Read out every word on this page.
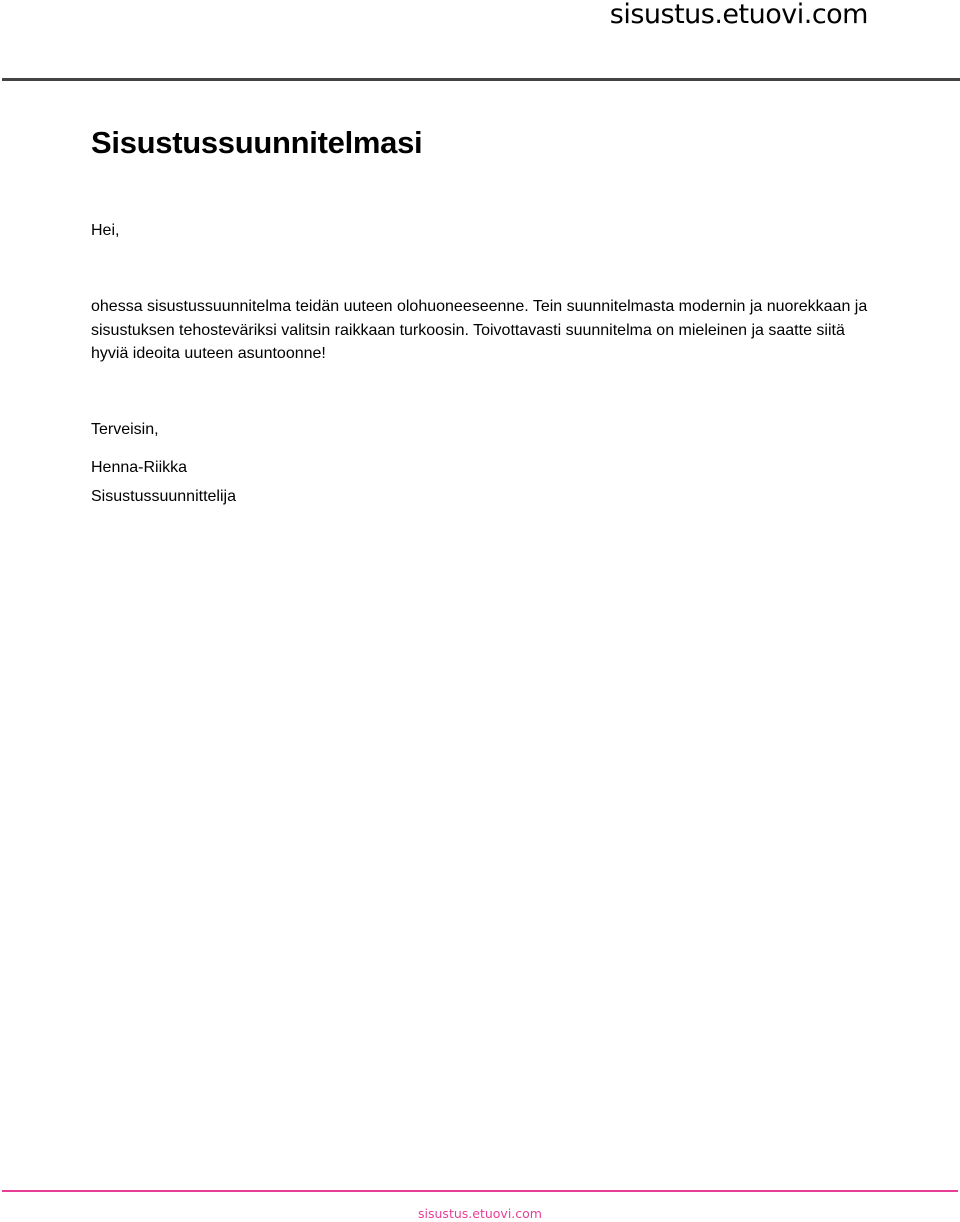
sisustus.etuovi.com
Sisustussuunnitelmasi
Hei,
ohessa sisustussuunnitelma teidän uuteen olohuoneeseenne. Tein suunnitelmasta modernin ja nuorekkaan ja sisustuksen tehosteväriksi valitsin raikkaan turkoosin. Toivottavasti suunnitelma on mieleinen ja saatte siitä hyviä ideoita uuteen asuntoonne!
Terveisin,
Henna-Riikka
Sisustussuunnittelija
sisustus.etuovi.com
